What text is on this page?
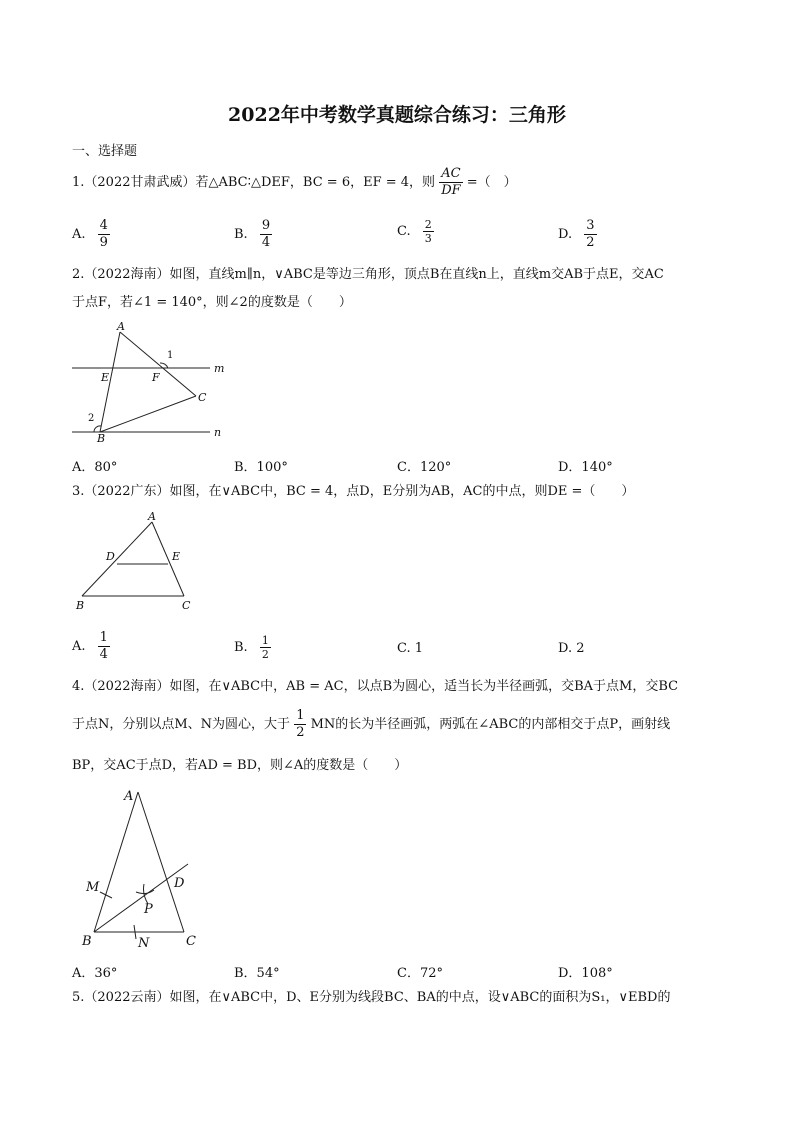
2022年中考数学真题综合练习：三角形
一、选择题
1.（2022甘肃武威）若△ABC∶△DEF，BC = 6，EF = 4，则 $\frac{AC}{DF}$ =（　）
A. $\frac{4}{9}$	B. $\frac{9}{4}$	C. $\frac{2}{3}$	D. $\frac{3}{2}$
2.（2022海南）如图，直线m∥n，∨ABC是等边三角形，顶点B在直线n上，直线m交AB于点E，交AC
于点F，若∠1 = 140°，则∠2的度数是（　　）
A
E	F
C
B
m
n
1
2
A．80°	B．100°	C．120°	D．140°
3.（2022广东）如图，在∨ABC中，BC = 4，点D，E分别为AB，AC的中点，则DE =（　　）
A
D	E
B	C
A. $\frac{1}{4}$	B. $\frac{1}{2}$	C. 1	D. 2
4.（2022海南）如图，在∨ABC中，AB = AC，以点B为圆心，适当长为半径画弧，交BA于点M，交BC
于点N，分别以点M、N为圆心，大于 $\frac{1}{2}$ MN的长为半径画弧，两弧在∠ABC的内部相交于点P，画射线
BP，交AC于点D，若AD = BD，则∠A的度数是（　　）
A
M	D
P
B	N	C
A．36°	B．54°	C．72°	D．108°
5.（2022云南）如图，在∨ABC中，D、E分别为线段BC、BA的中点，设∨ABC的面积为S₁，∨EBD的
